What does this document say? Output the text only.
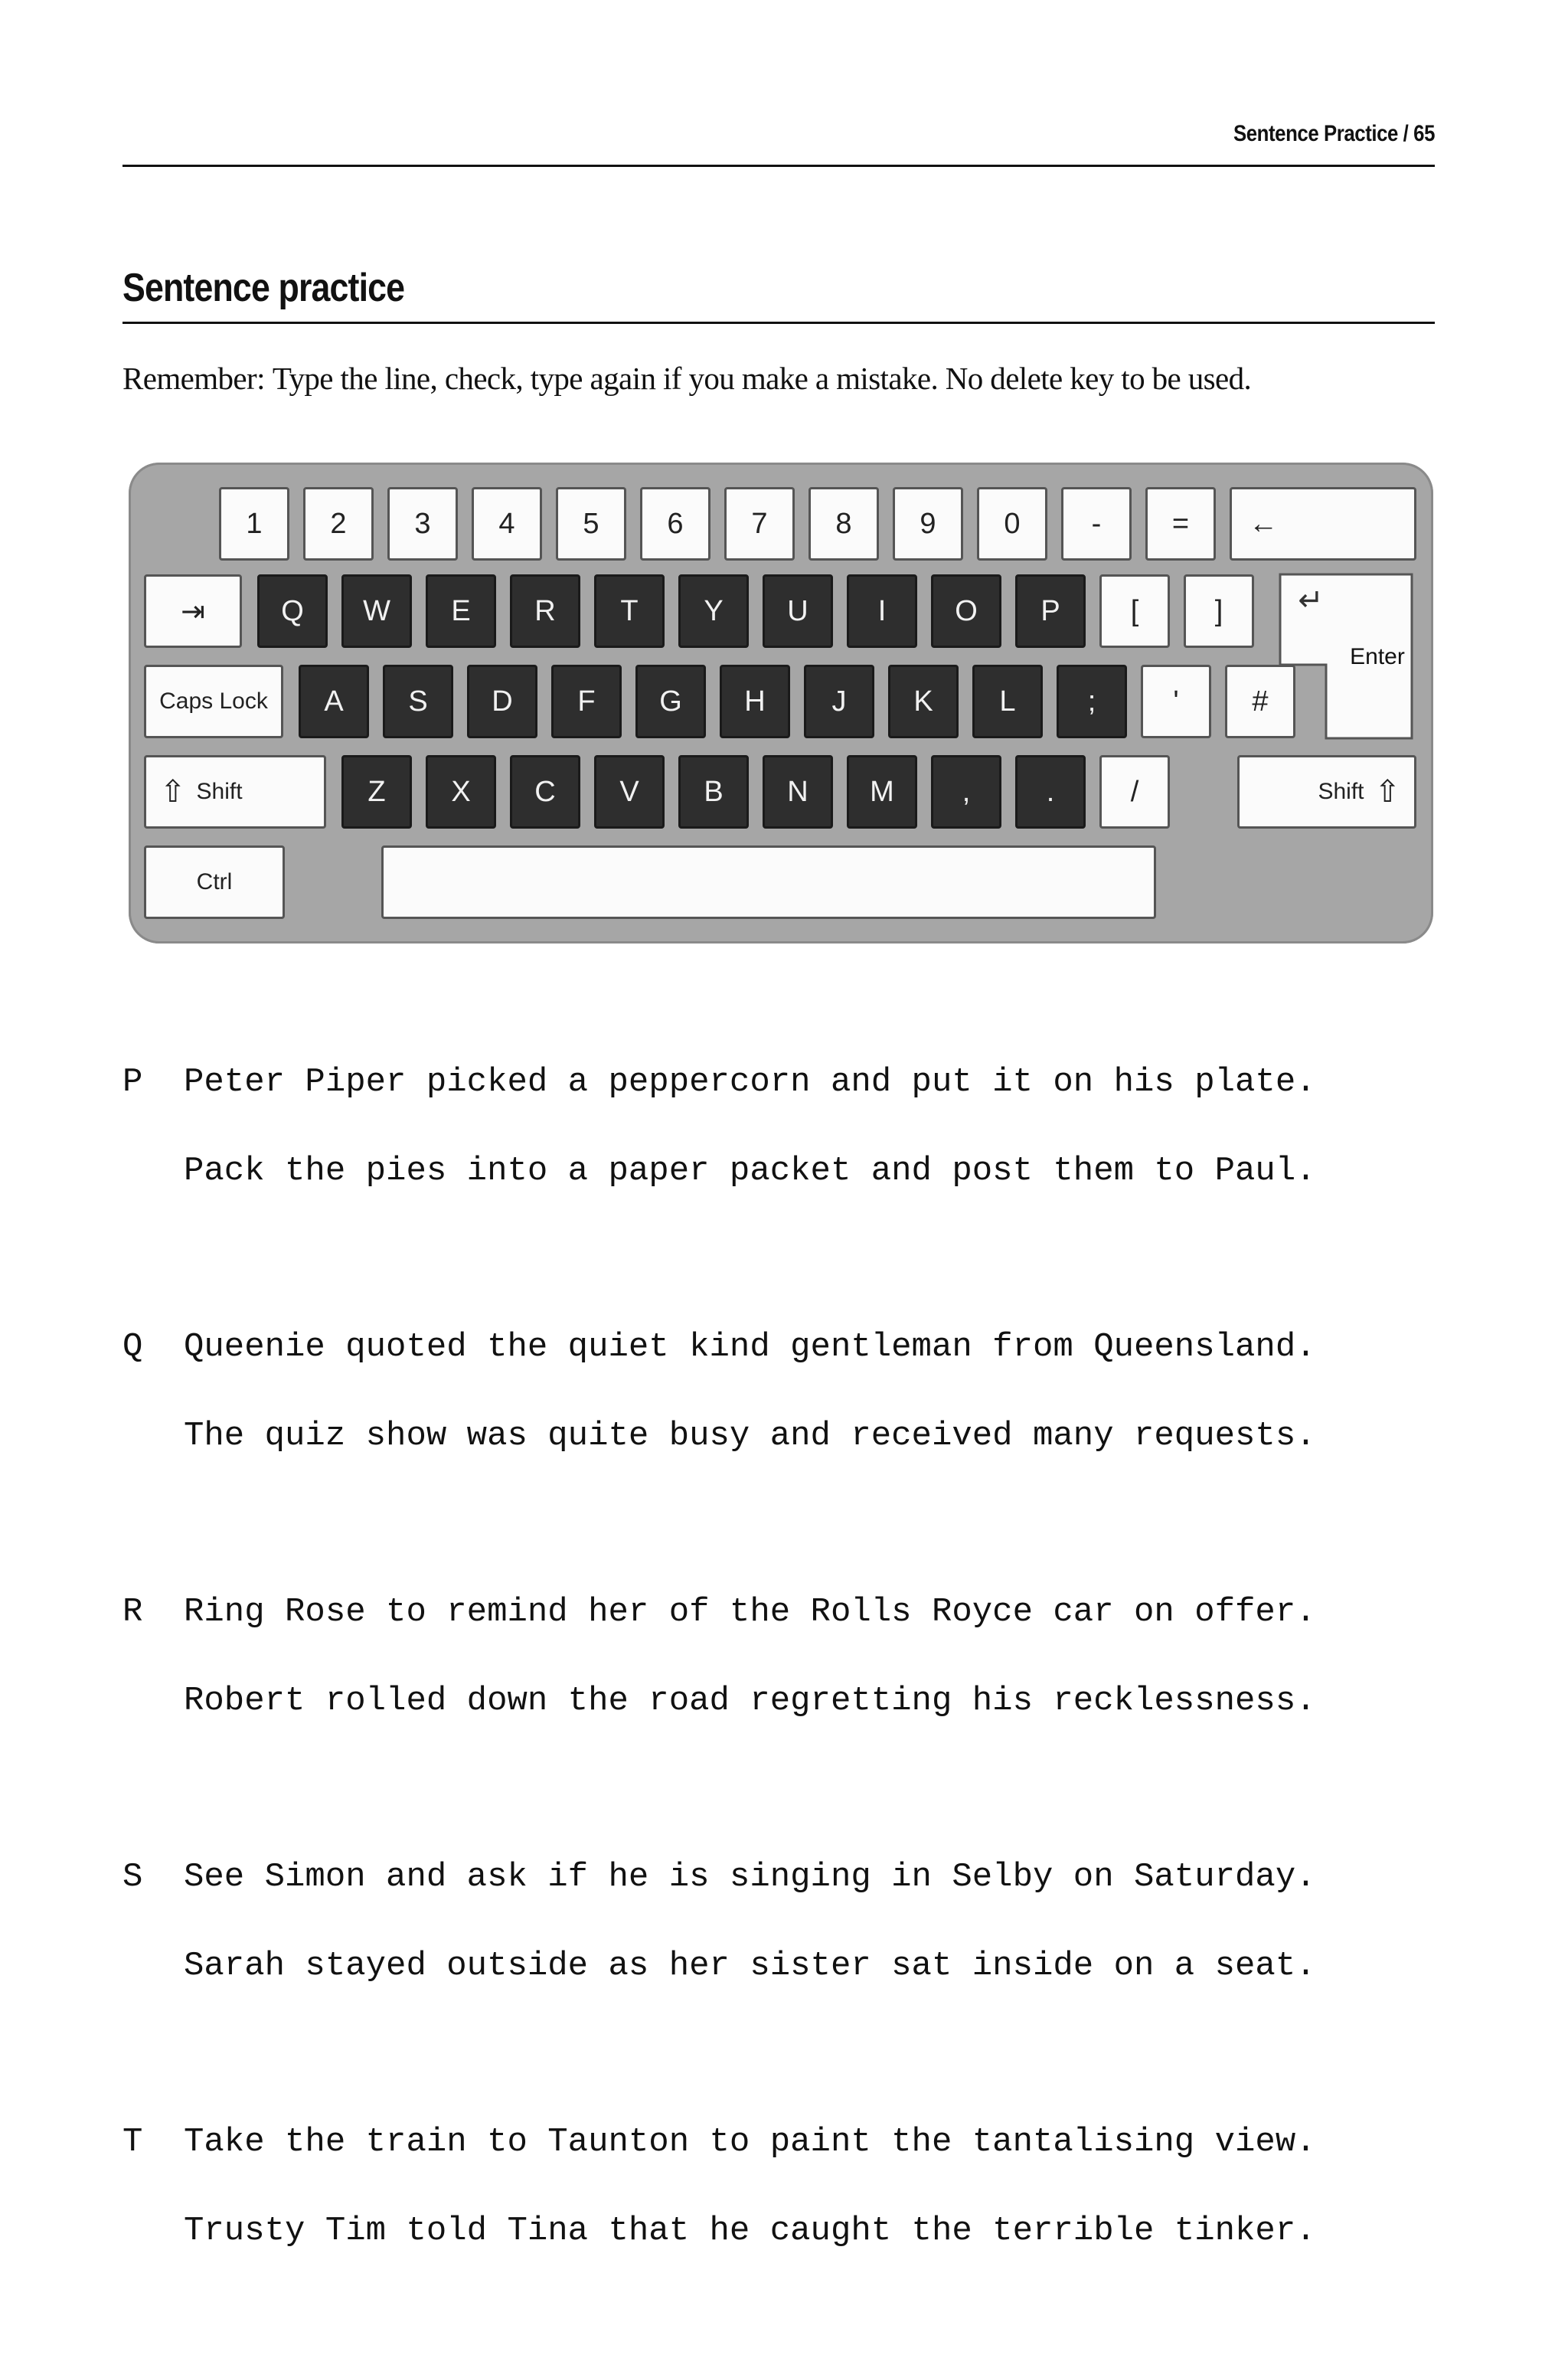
Sentence Practice / 65
Sentence practice
Remember: Type the line, check, type again if you make a mistake. No delete key to be used.
1	2	3	4	5	6	7	8	9	0	-	=	←
⇥	Q	W	E	R	T	Y	U	I	O	P	[	]	↵
Enter
Caps Lock	A	S	D	F	G	H	J	K	L	;	'	#
⇧ Shift	Z	X	C	V	B	N	M	,	.	/	Shift ⇧
Ctrl
P Peter Piper picked a peppercorn and put it on his plate.
Pack the pies into a paper packet and post them to Paul.
Q Queenie quoted the quiet kind gentleman from Queensland.
The quiz show was quite busy and received many requests.
R Ring Rose to remind her of the Rolls Royce car on offer.
Robert rolled down the road regretting his recklessness.
S See Simon and ask if he is singing in Selby on Saturday.
Sarah stayed outside as her sister sat inside on a seat.
T Take the train to Taunton to paint the tantalising view.
Trusty Tim told Tina that he caught the terrible tinker.
